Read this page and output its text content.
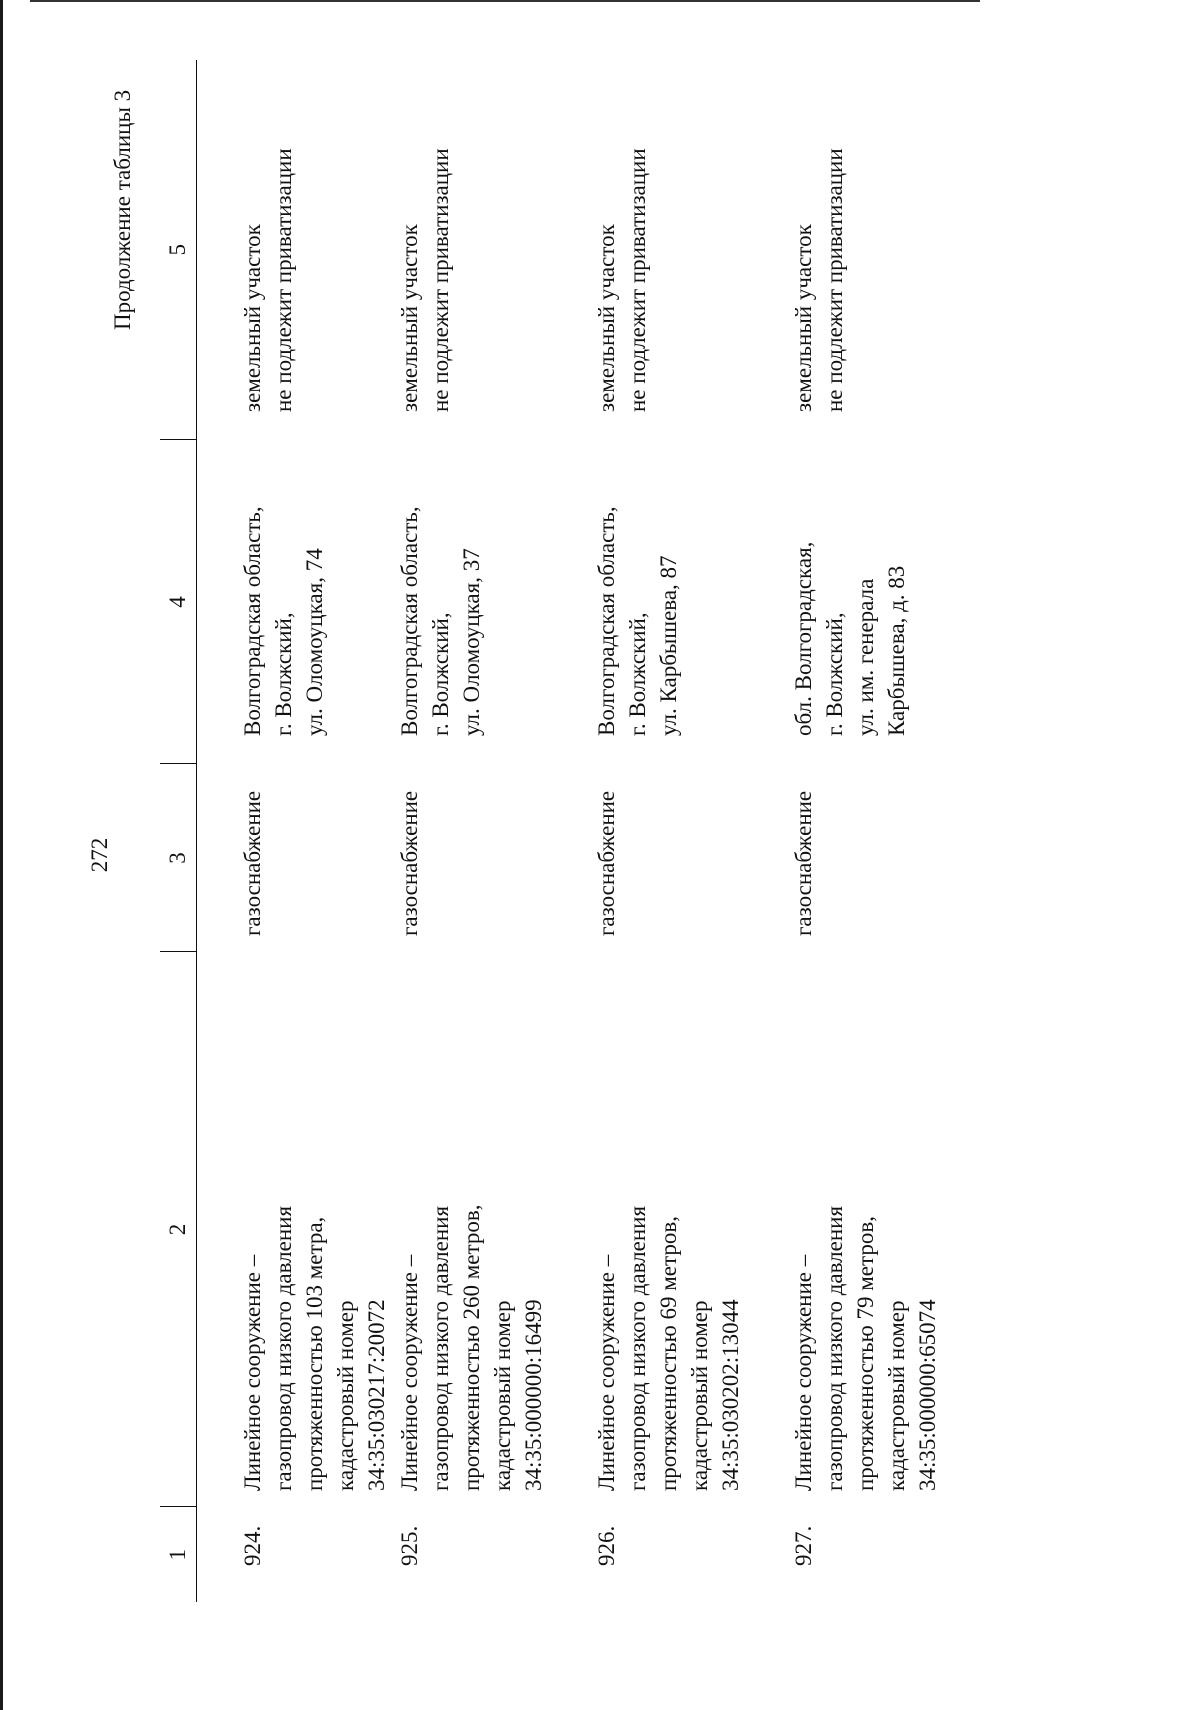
272
Продолжение таблицы 3
1	2	3	4	5
924.	Линейное сооружение – газопровод низкого давления протяженностью 103 метра, кадастровый номер 34:35:030217:20072	газоснабжение	Волгоградская область, г. Волжский, ул. Оломоуцкая, 74	земельный участок не подлежит приватизации

925.	Линейное сооружение – газопровод низкого давления протяженностью 260 метров, кадастровый номер 34:35:000000:16499	газоснабжение	Волгоградская область, г. Волжский, ул. Оломоуцкая, 37	земельный участок не подлежит приватизации

926.	Линейное сооружение – газопровод низкого давления протяженностью 69 метров, кадастровый номер 34:35:030202:13044	газоснабжение	Волгоградская область, г. Волжский, ул. Карбышева, 87	земельный участок не подлежит приватизации

927.	Линейное сооружение – газопровод низкого давления протяженностью 79 метров, кадастровый номер 34:35:000000:65074	газоснабжение	обл. Волгоградская, г. Волжский, ул. им. генерала Карбышева, д. 83	земельный участок не подлежит приватизации
